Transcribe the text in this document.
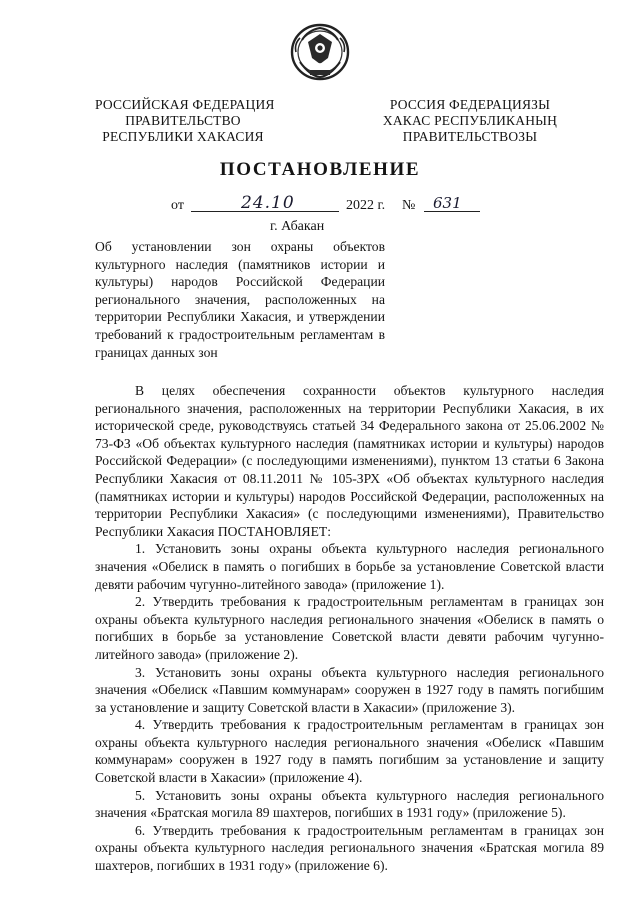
РОССИЙСКАЯ ФЕДЕРАЦИЯ
ПРАВИТЕЛЬСТВО
РЕСПУБЛИКИ ХАКАСИЯ
РОССИЯ ФЕДЕРАЦИЯЗЫ
ХАКАС РЕСПУБЛИКАНЫҢ
ПРАВИТЕЛЬСТВОЗЫ
ПОСТАНОВЛЕНИЕ
от	24.10	2022 г. № 631
г. Абакан
Об установлении зон охраны объектов культурного наследия (памятников истории и культуры) народов Российской Федерации регионального значения, расположенных на территории Республики Хакасия, и утверждении требований к градостроительным регламентам в границах данных зон

В целях обеспечения сохранности объектов культурного наследия регионального значения, расположенных на территории Республики Хакасия, в их исторической среде, руководствуясь статьей 34 Федерального закона от 25.06.2002 № 73-ФЗ «Об объектах культурного наследия (памятниках истории и культуры) народов Российской Федерации» (с последующими изменениями), пунктом 13 статьи 6 Закона Республики Хакасия от 08.11.2011 № 105-ЗРХ «Об объектах культурного наследия (памятниках истории и культуры) народов Российской Федерации, расположенных на территории Республики Хакасия» (с последующими изменениями), Правительство Республики Хакасия ПОСТАНОВЛЯЕТ:

1. Установить зоны охраны объекта культурного наследия регионального значения «Обелиск в память о погибших в борьбе за установление Советской власти девяти рабочим чугунно-литейного завода» (приложение 1).

2. Утвердить требования к градостроительным регламентам в границах зон охраны объекта культурного наследия регионального значения «Обелиск в память о погибших в борьбе за установление Советской власти девяти рабочим чугунно-литейного завода» (приложение 2).

3. Установить зоны охраны объекта культурного наследия регионального значения «Обелиск «Павшим коммунарам» сооружен в 1927 году в память погибшим за установление и защиту Советской власти в Хакасии» (приложение 3).

4. Утвердить требования к градостроительным регламентам в границах зон охраны объекта культурного наследия регионального значения «Обелиск «Павшим коммунарам» сооружен в 1927 году в память погибшим за установление и защиту Советской власти в Хакасии» (приложение 4).

5. Установить зоны охраны объекта культурного наследия регионального значения «Братская могила 89 шахтеров, погибших в 1931 году» (приложение 5).

6. Утвердить требования к градостроительным регламентам в границах зон охраны объекта культурного наследия регионального значения «Братская могила 89 шахтеров, погибших в 1931 году» (приложение 6).
